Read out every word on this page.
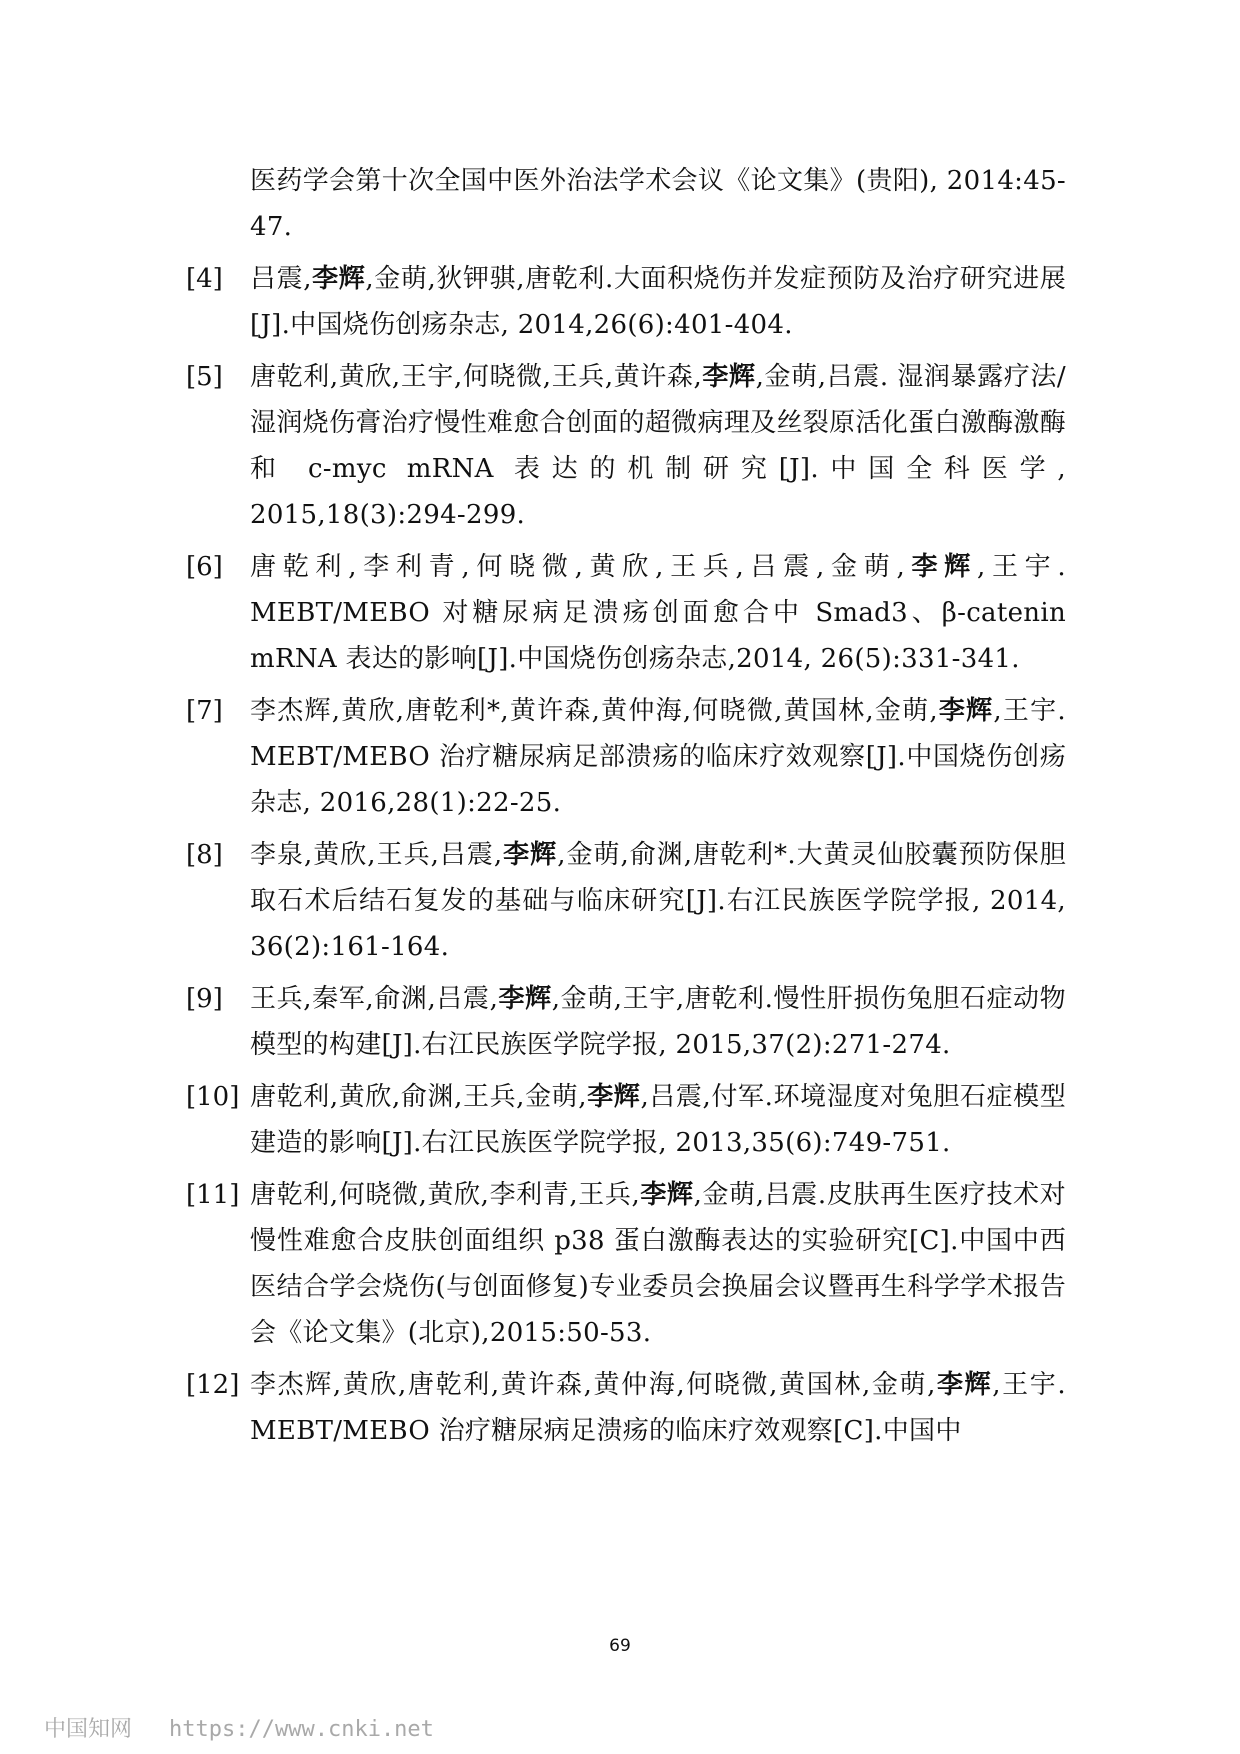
医药学会第十次全国中医外治法学术会议《论文集》(贵阳), 2014:45-47.
[4] 吕震,李辉,金萌,狄钾骐,唐乾利.大面积烧伤并发症预防及治疗研究进展[J].中国烧伤创疡杂志, 2014,26(6):401-404.
[5] 唐乾利,黄欣,王宇,何晓微,王兵,黄许森,李辉,金萌,吕震. 湿润暴露疗法/湿润烧伤膏治疗慢性难愈合创面的超微病理及丝裂原活化蛋白激酶激酶和 c-myc mRNA 表达的机制研究[J].中国全科医学, 2015,18(3):294-299.
[6] 唐乾利,李利青,何晓微,黄欣,王兵,吕震,金萌,李辉,王宇. MEBT/MEBO 对糖尿病足溃疡创面愈合中 Smad3、β-catenin mRNA 表达的影响[J].中国烧伤创疡杂志,2014, 26(5):331-341.
[7] 李杰辉,黄欣,唐乾利*,黄许森,黄仲海,何晓微,黄国林,金萌,李辉,王宇. MEBT/MEBO 治疗糖尿病足部溃疡的临床疗效观察[J].中国烧伤创疡杂志, 2016,28(1):22-25.
[8] 李泉,黄欣,王兵,吕震,李辉,金萌,俞渊,唐乾利*.大黄灵仙胶囊预防保胆取石术后结石复发的基础与临床研究[J].右江民族医学院学报, 2014, 36(2):161-164.
[9] 王兵,秦军,俞渊,吕震,李辉,金萌,王宇,唐乾利.慢性肝损伤兔胆石症动物模型的构建[J].右江民族医学院学报, 2015,37(2):271-274.
[10] 唐乾利,黄欣,俞渊,王兵,金萌,李辉,吕震,付军.环境湿度对兔胆石症模型建造的影响[J].右江民族医学院学报, 2013,35(6):749-751.
[11] 唐乾利,何晓微,黄欣,李利青,王兵,李辉,金萌,吕震.皮肤再生医疗技术对慢性难愈合皮肤创面组织 p38 蛋白激酶表达的实验研究[C].中国中西医结合学会烧伤(与创面修复)专业委员会换届会议暨再生科学学术报告会《论文集》(北京),2015:50-53.
[12] 李杰辉,黄欣,唐乾利,黄许森,黄仲海,何晓微,黄国林,金萌,李辉,王宇. MEBT/MEBO 治疗糖尿病足溃疡的临床疗效观察[C].中国中
69
中国知网 https://www.cnki.net
